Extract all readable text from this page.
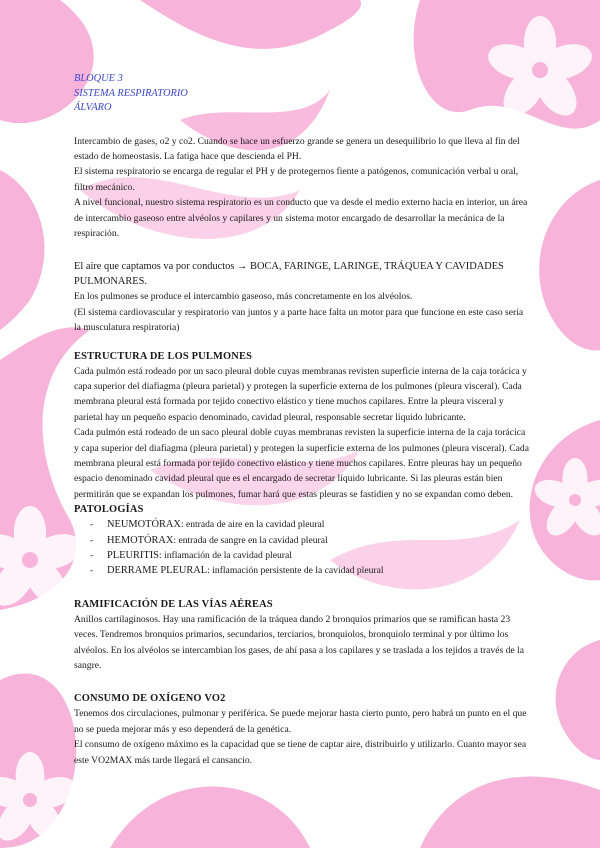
BLOQUE 3

SISTEMA RESPIRATORIO

ÁLVARO

Intercambio de gases, o2 y co2. Cuando se hace un esfuerzo grande se genera un desequilibrio lo que lleva al fin del estado de homeostasis. La fatiga hace que descienda el PH.

El sistema respiratorio se encarga de regular el PH y de protegernos fiente a patógenos, comunicación verbal u oral, filtro mecánico.

A nivel funcional, nuestro sistema respiratorio es un conducto que va desde el medio externo hacia en interior, un área de intercambio gaseoso entre alvéolos y capilares y un sistema motor encargado de desarrollar la mecánica de la respiración.

El aire que captamos va por conductos → BOCA, FARINGE, LARINGE, TRÁQUEA Y CAVIDADES PULMONARES.

En los pulmones se produce el intercambio gaseoso, más concretamente en los alvéolos.

(El sistema cardiovascular y respiratorio van juntos y a parte hace falta un motor para que funcione en este caso sería la musculatura respiratoria)

ESTRUCTURA DE LOS PULMONES

Cada pulmón está rodeado por un saco pleural doble cuyas membranas revisten superficie interna de la caja torácica y capa superior del diafiagma (pleura parietal) y protegen la superficie externa de los pulmones (pleura visceral). Cada membrana pleural está formada por tejido conectivo elástico y tiene muchos capilares. Entre la pleura visceral y parietal hay un pequeño espacio denominado, cavidad pleural, responsable secretar líquido lubricante.

Cada pulmón está rodeado de un saco pleural doble cuyas membranas revisten la superficie interna de la caja torácica y capa superior del diafiagma (pleura parietal) y protegen la superficie externa de los pulmones (pleura visceral). Cada membrana pleural está formada por tejido conectivo elástico y tiene muchos capilares. Entre pleuras hay un pequeño espacio denominado cavidad pleural que es el encargado de secretar líquido lubricante. Si las pleuras están bien permitirán que se expandan los pulmones, fumar hará que estas pleuras se fastidien y no se expandan como deben.

PATOLOGÍAS

- NEUMOTÓRAX: entrada de aire en la cavidad pleural
- HEMOTÓRAX: entrada de sangre en la cavidad pleural
- PLEURITIS: inflamación de la cavidad pleural
- DERRAME PLEURAL: inflamación persistente de la cavidad pleural

RAMIFICACIÓN DE LAS VÍAS AÉREAS

Anillos cartilaginosos. Hay una ramificación de la tráquea dando 2 bronquios primarios que se ramifican hasta 23 veces. Tendremos bronquios primarios, secundarios, terciarios, bronquiolos, bronquiolo terminal y por último los alvéolos. En los alvéolos se intercambian los gases, de ahí pasa a los capilares y se traslada a los tejidos a través de la sangre.

CONSUMO DE OXÍGENO VO2

Tenemos dos circulaciones, pulmonar y periférica. Se puede mejorar hasta cierto punto, pero habrá un punto en el que no se pueda mejorar más y eso dependerá de la genética.

El consumo de oxígeno máximo es la capacidad que se tiene de captar aire, distribuirlo y utilizarlo. Cuanto mayor sea este VO2MAX más tarde llegará el cansancio.
